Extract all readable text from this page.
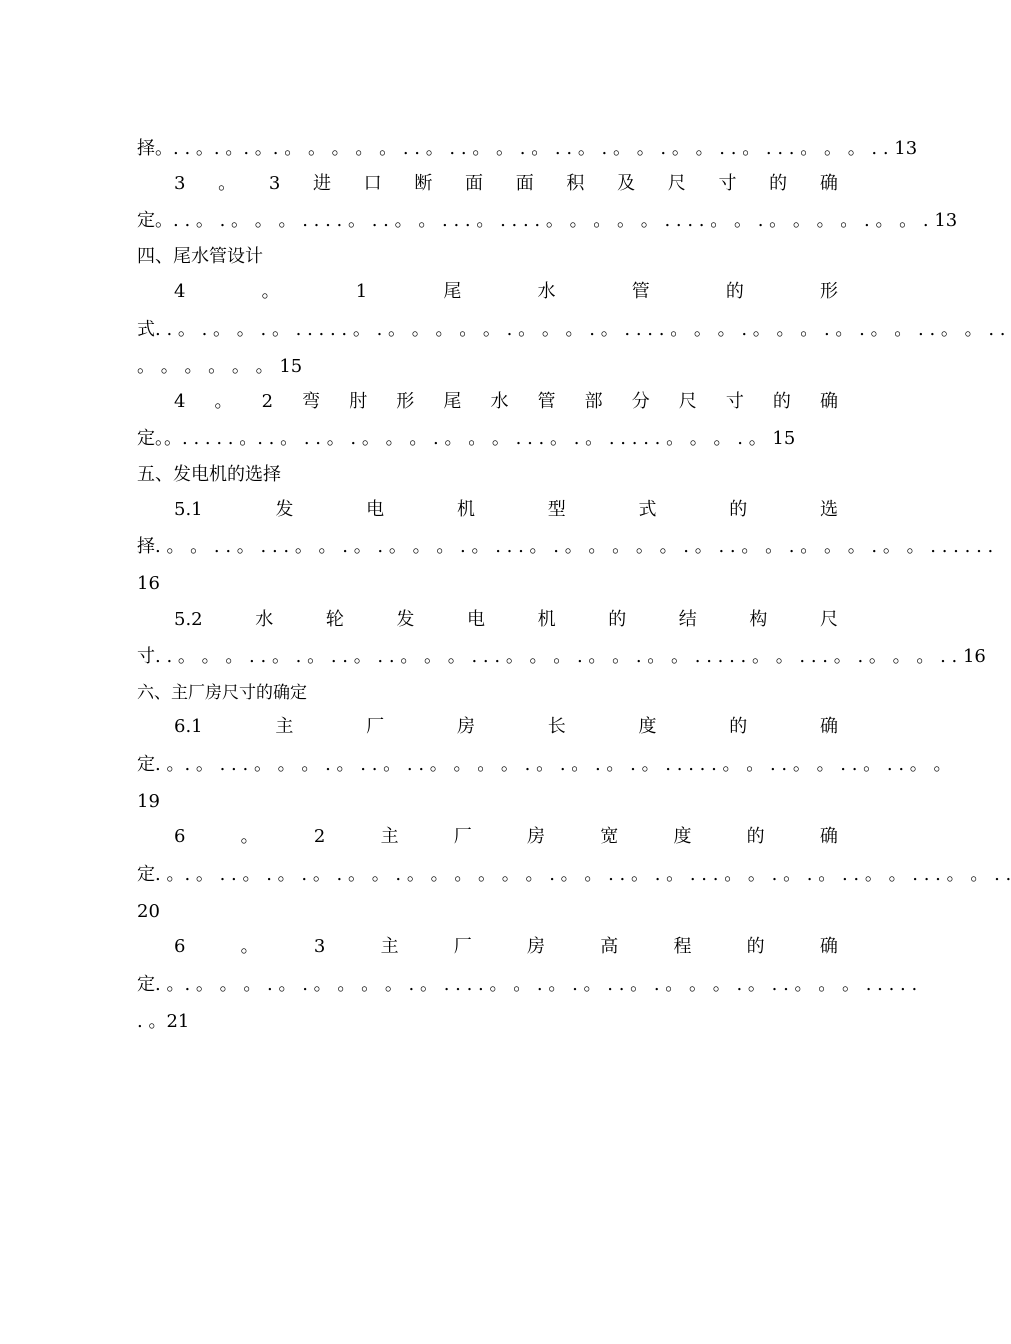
择。. . 。. 。. 。. 。 。 。 。 。 . . 。 . . 。 。 . 。 . . 。 . 。 。 . 。 。 . . 。 . . . 。 。 。 . . 13
3 。 3 进 口 断 面 面 积 及 尺 寸 的 确
定。. . 。 . 。 。 。 . . . . 。 . . 。 。 . . . 。 . . . . 。 。 。 。 。 . . . . 。 。 . 。 。 。 。 . 。 。 . 13
四、尾水管设计
4	。	1	尾	水	管	的	形
式. . 。 . 。 。 . 。 . . . . . 。 . 。 。 。 。 。 . 。 。 。 . 。 . . . . 。 。 。 . 。 。 。 . 。 . 。 。 . . 。 。 . .
。 。 。 。 。 。 15
4 。 2 弯 肘 形 尾 水 管 部 分 尺 寸 的 确
定。。. . . . . 。. . 。 . . 。 . 。 。 。 . 。 。 。 . . . 。 . 。 . . . . . 。 。 。 . 。 15
五、发电机的选择
5.1	发	电	机	型	式	的	选
择. 。 。 . . 。 . . . 。 。 . 。 . 。 。 。 . 。 . . . 。 . 。 。 。 。 。 . 。 . . 。 。 . 。 。 。 . 。 。 . . . . . .
16
5.2	水	轮	发	电	机	的	结	构	尺
寸. . 。 。 。 . . 。 . 。 . . 。 . . 。 。 。 . . . 。 。 。 . 。 。 . 。 。 . . . . . 。 。 . . . 。 . 。 。 。 . . 16
六、主厂房尺寸的确定
6.1	主	厂	房	长	度	的	确
定. 。. 。 . . . 。 。 。 . 。 . . 。 . . 。 。 。 。 . 。 . 。 . 。 . 。 . . . . . 。 。 . . 。 。 . . 。 . . 。 。
19
6	。	2	主	厂	房	宽	度	的	确
定. 。. 。 . . 。 . 。 . 。 . 。 。 . 。 。 。 。 。 。 . 。 。 . . 。 . 。 . . . 。 。 . 。 . 。 . . 。 。 . . . 。 。 . .
20
6	。	3	主	厂	房	高	程	的	确
定. 。. 。 。 。 . 。 . 。 。 。 。 . 。 . . . . 。 。 . 。 . 。 . . 。 . 。 。 。 . 。 . . 。 。 。 . . . . .
. 。21
